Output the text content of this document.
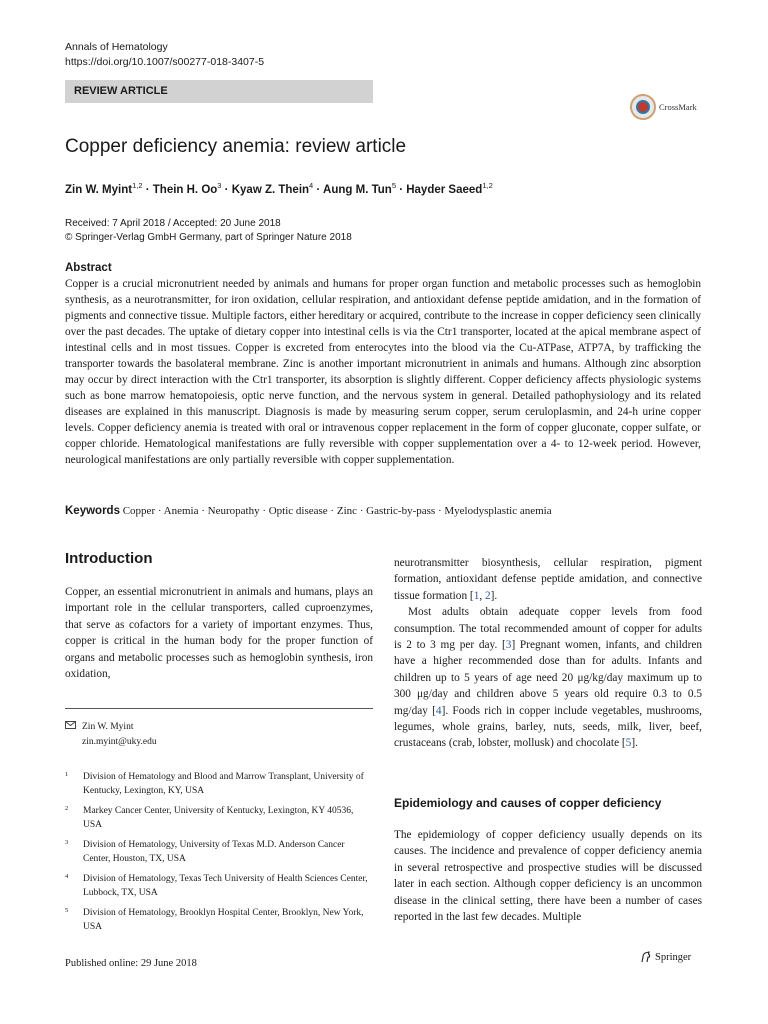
Annals of Hematology
https://doi.org/10.1007/s00277-018-3407-5
REVIEW ARTICLE
CrossMark
Copper deficiency anemia: review article
Zin W. Myint$^{1,2}$ · Thein H. $Oo^3$ · Kyaw Z. Thein$^4$ · Aung M. Tun$^5$ · Hayder Saeed$^{1,2}$
Received: 7 April 2018 / Accepted: 20 June 2018
© Springer-Verlag GmbH Germany, part of Springer Nature 2018
Abstract

Copper is a crucial micronutrient needed by animals and humans for proper organ function and metabolic processes such as hemoglobin synthesis, as a neurotransmitter, for iron oxidation, cellular respiration, and antioxidant defense peptide amidation, and in the formation of pigments and connective tissue. Multiple factors, either hereditary or acquired, contribute to the increase in copper deficiency seen clinically over the past decades. The uptake of dietary copper into intestinal cells is via the Ctr1 transporter, located at the apical membrane aspect of intestinal cells and in most tissues. Copper is excreted from enterocytes into the blood via the Cu-ATPase, ATP7A, by trafficking the transporter towards the basolateral membrane. Zinc is another important micronutrient in animals and humans. Although zinc absorption may occur by direct interaction with the Ctr1 transporter, its absorption is slightly different. Copper deficiency affects physiologic systems such as bone marrow hematopoiesis, optic nerve function, and the nervous system in general. Detailed pathophysiology and its related diseases are explained in this manuscript. Diagnosis is made by measuring serum copper, serum ceruloplasmin, and 24-h urine copper levels. Copper deficiency anemia is treated with oral or intravenous copper replacement in the form of copper gluconate, copper sulfate, or copper chloride. Hematological manifestations are fully reversible with copper supplementation over a 4- to 12-week period. However, neurological manifestations are only partially reversible with copper supplementation.

Keywords Copper · Anemia · Neuropathy · Optic disease · Zinc · Gastric-by-pass · Myelodysplastic anemia
Introduction

Copper, an essential micronutrient in animals and humans, plays an important role in the cellular transporters, called cuproenzymes, that serve as cofactors for a variety of important enzymes. Thus, copper is critical in the human body for the proper function of organs and metabolic processes such as hemoglobin synthesis, iron oxidation,

neurotransmitter biosynthesis, cellular respiration, pigment formation, antioxidant defense peptide amidation, and connective tissue formation [1, 2].

Most adults obtain adequate copper levels from food consumption. The total recommended amount of copper for adults is 2 to 3 mg per day. [3] Pregnant women, infants, and children have a higher recommended dose than for adults. Infants and children up to 5 years of age need 20 μg/kg/day maximum up to 300 μg/day and children above 5 years old require 0.3 to 0.5 mg/day [4]. Foods rich in copper include vegetables, mushrooms, legumes, whole grains, barley, nuts, seeds, milk, liver, beef, crustaceans (crab, lobster, mollusk) and chocolate [5].

Zin W. Myint
zin.myint@uky.edu
1	Division of Hematology and Blood and Marrow Transplant, University of Kentucky, Lexington, KY, USA
2	Markey Cancer Center, University of Kentucky, Lexington, KY 40536, USA
3	Division of Hematology, University of Texas M.D. Anderson Cancer Center, Houston, TX, USA
4	Division of Hematology, Texas Tech University of Health Sciences Center, Lubbock, TX, USA
5	Division of Hematology, Brooklyn Hospital Center, Brooklyn, New York, USA
Epidemiology and causes of copper deficiency

The epidemiology of copper deficiency usually depends on its causes. The incidence and prevalence of copper deficiency anemia in several retrospective and prospective studies will be discussed later in each section. Although copper deficiency is an uncommon disease in the clinical setting, there have been a number of cases reported in the last few decades. Multiple

Published online: 29 June 2018
Springer
